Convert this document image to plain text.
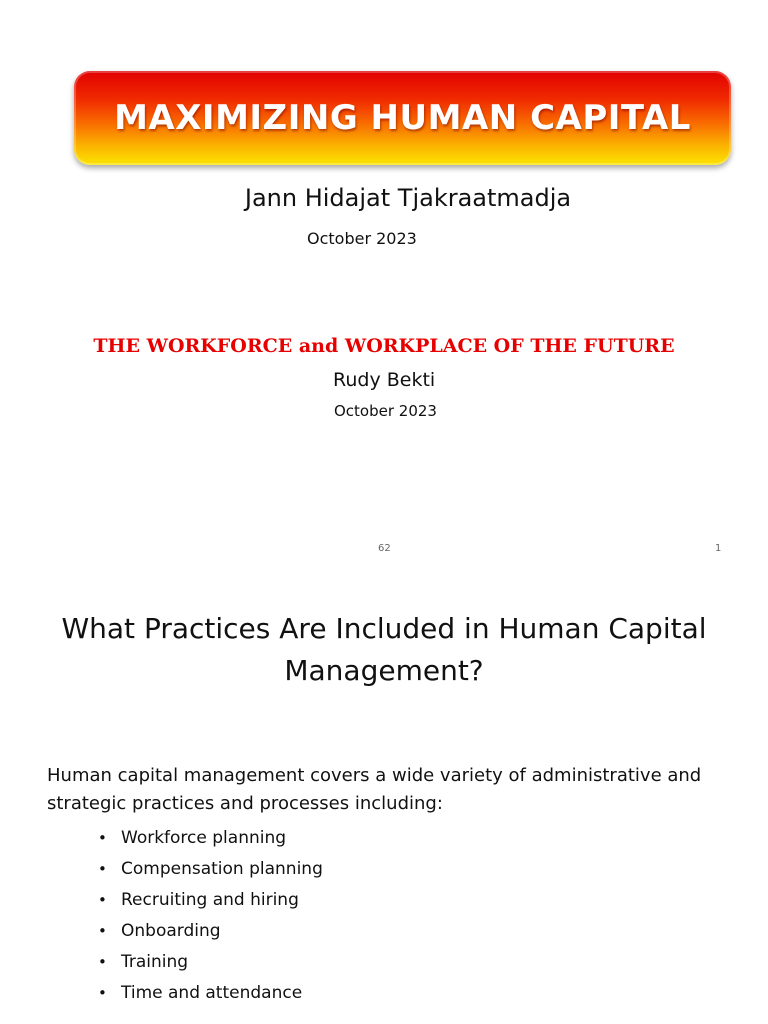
MAXIMIZING HUMAN CAPITAL
Jann Hidajat Tjakraatmadja
October 2023
THE WORKFORCE and WORKPLACE OF THE FUTURE
Rudy Bekti
October 2023
62	1
What Practices Are Included in Human Capital Management?
Human capital management covers a wide variety of administrative and strategic practices and processes including:
• Workforce planning
• Compensation planning
• Recruiting and hiring
• Onboarding
• Training
• Time and attendance
